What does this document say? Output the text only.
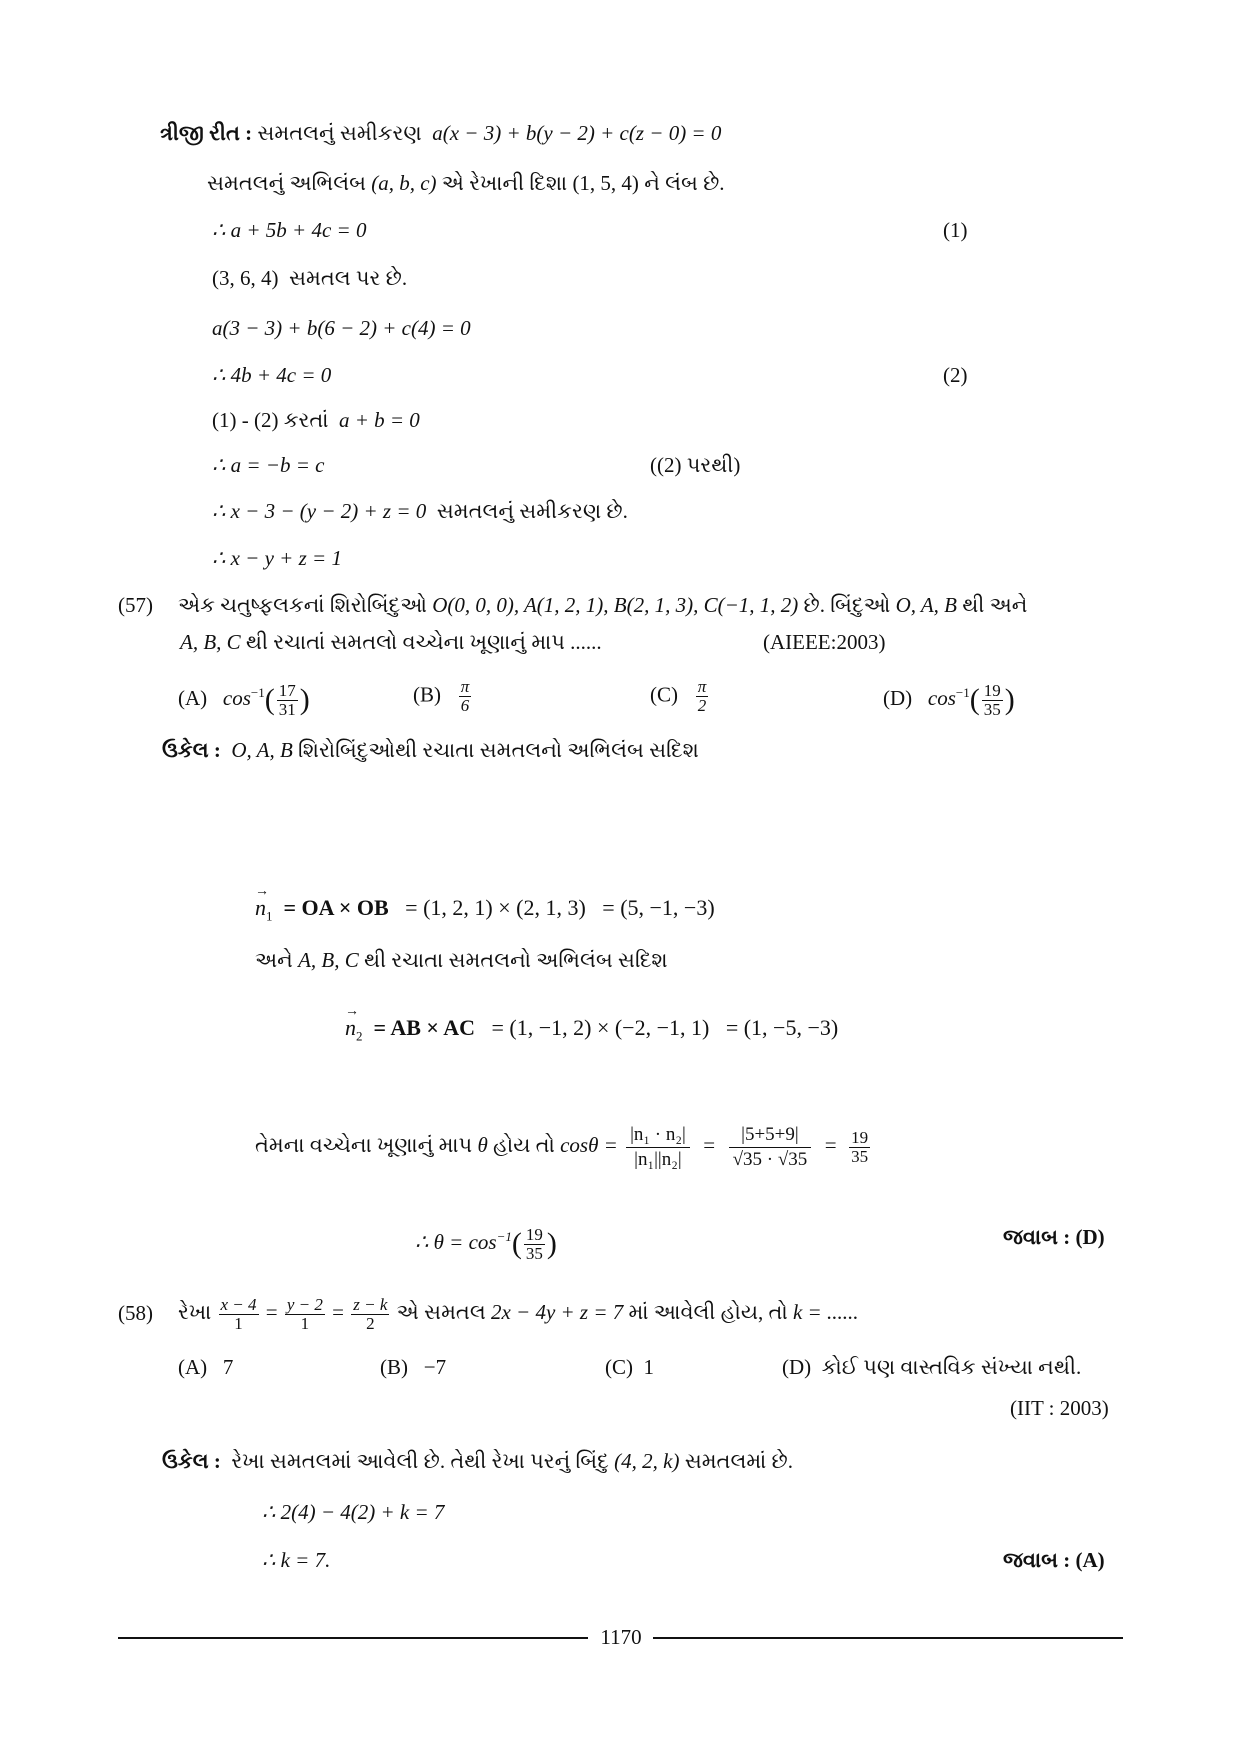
ત્રીજી રીત : સમતલનું સમીકરણ a(x − 3) + b(y − 2) + c(z − 0) = 0
સમતલનું અભિલંબ (a, b, c) એ રેખાની દિશા (1, 5, 4) ને લંબ છે.
∴ a + 5b + 4c = 0	(1)
(3, 6, 4) સમતલ પર છે.
a(3 − 3) + b(6 − 2) + c(4) = 0
∴ 4b + 4c = 0	(2)
(1) - (2) કરતાં a + b = 0
∴ a = −b = c	((2) પરથી)
∴ x − 3 − (y − 2) + z = 0 સમતલનું સમીકરણ છે.
∴ x − y + z = 1
(57) એક ચતુષ્ફલકનાં શિરોબિંદુઓ O(0, 0, 0), A(1, 2, 1), B(2, 1, 3), C(−1, 1, 2) છે. બિંદુઓ O, A, B થી અને
A, B, C થી રચાતાં સમતલો વચ્ચેના ખૂણાનું માપ ......	(AIEEE:2003)
(A) $\cos^{-1}( \frac{17}{31}$ )	$(B) \frac{\pi}{6}$	$(C) \frac{\pi}{2}$	(D) $\cos^{-1}( \frac{19}{35}$ )
ઉકેલ : O, A, B શિરોબિંદુઓથી રચાતા સમતલનો અભિલંબ સદિશ
→ $n_1$ = OA × OB = (1, 2, 1) × (2, 1, 3) = (5, −1, −3)
અને A, B, C થી રચાતા સમતલનો અભિલંબ સદિશ
→ $n_2$ = AB × AC = (1, −1, 2) × (−2, −1, 1) = (1, −5, −3)
તેમના વચ્ચેના ખૂણાનું માપ θ હોય તો $\cos\theta = \frac{\text{|n₁ · n₂|}}{\text{|n₁||n₂|}} = \frac{|5+5+9|}{√35 \cdot √35} = \frac{19}{35}$
∴ $\theta = \cos^{-1}( \frac{19}{35}$ )	જવાબ : (D)
(58) રેખા $\frac{x - 4}{1} = \frac{y - 2}{1} = \frac{z - k}{2}$ એ સમતલ 2x − 4y + z = 7 માં આવેલી હોય, તો k = ......
(A) 7	(B) −7	(C) 1	(D) કોઈ પણ વાસ્તવિક સંખ્યા નથી.
(IIT : 2003)
ઉકેલ : રેખા સમતલમાં આવેલી છે. તેથી રેખા પરનું બિંદુ (4, 2, k) સમતલમાં છે.
∴ 2(4) − 4(2) + k = 7
∴ k = 7.	જવાબ : (A)
1170
